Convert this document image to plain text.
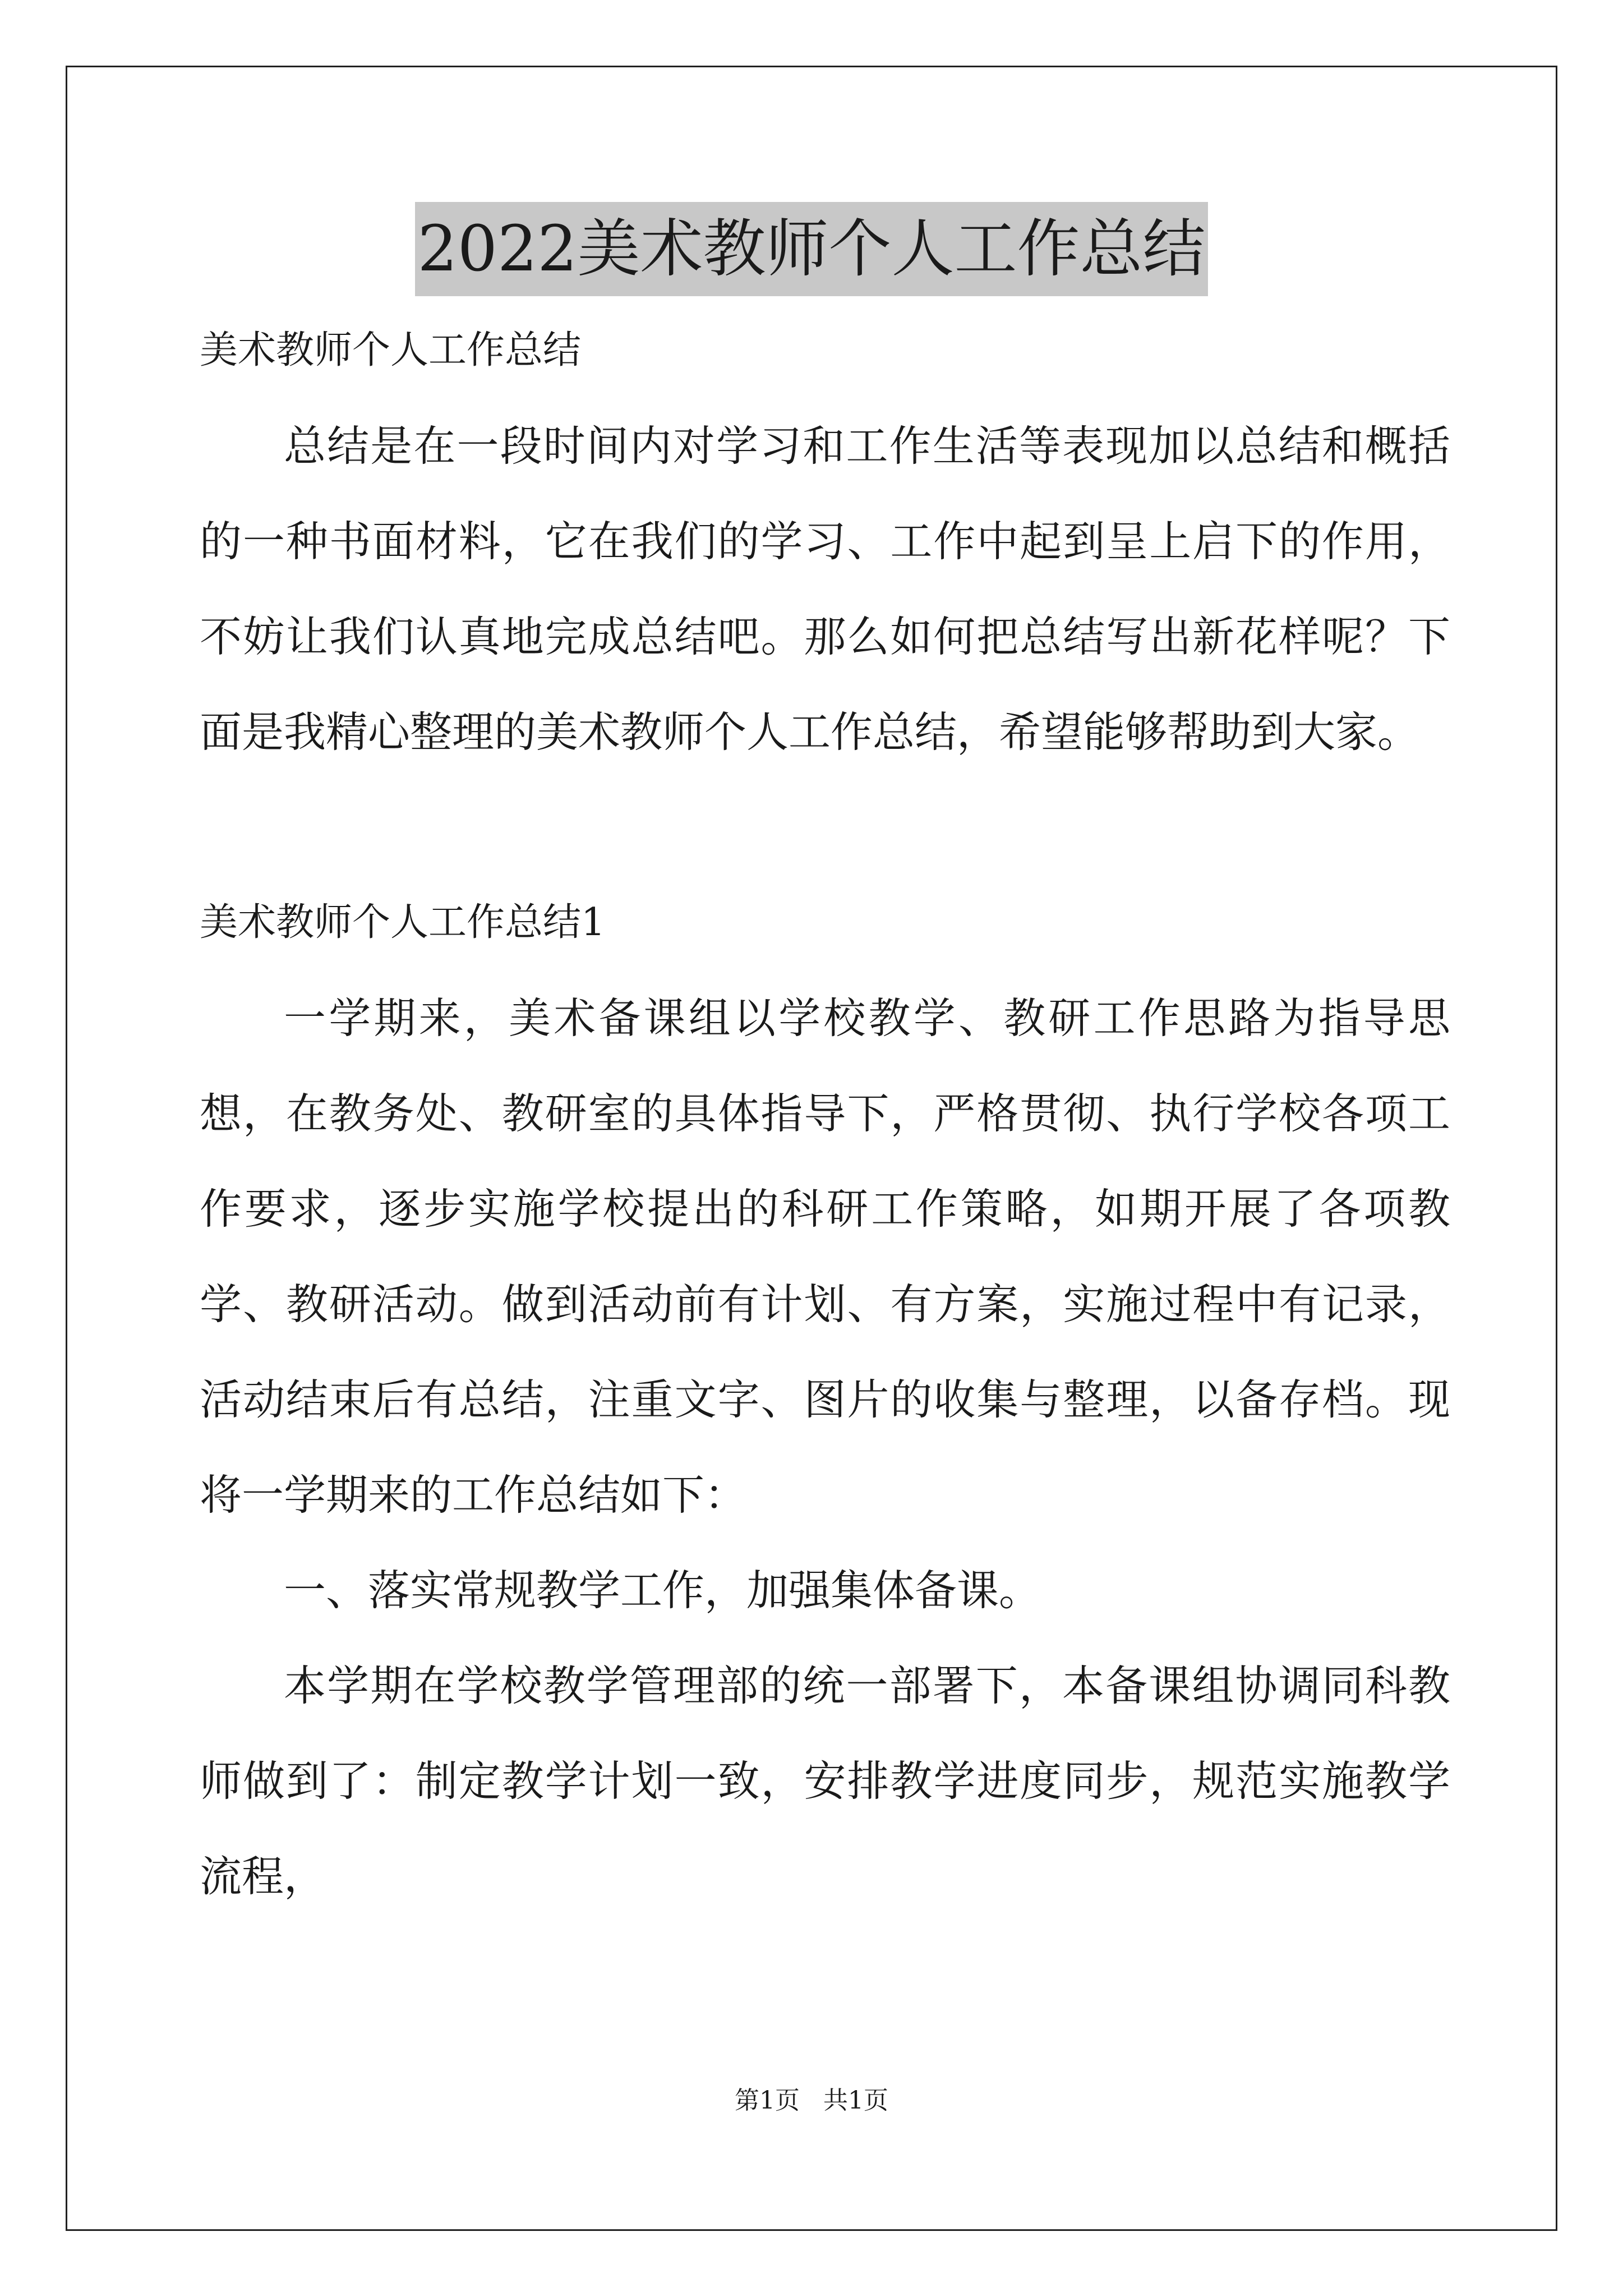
2022美术教师个人工作总结

美术教师个人工作总结

总结是在一段时间内对学习和工作生活等表现加以总结和概括的一种书面材料，它在我们的学习、工作中起到呈上启下的作用，不妨让我们认真地完成总结吧。那么如何把总结写出新花样呢？下面是我精心整理的美术教师个人工作总结，希望能够帮助到大家。

美术教师个人工作总结1

一学期来，美术备课组以学校教学、教研工作思路为指导思想，在教务处、教研室的具体指导下，严格贯彻、执行学校各项工作要求，逐步实施学校提出的科研工作策略，如期开展了各项教学、教研活动。做到活动前有计划、有方案，实施过程中有记录，活动结束后有总结，注重文字、图片的收集与整理，以备存档。现将一学期来的工作总结如下：

一、落实常规教学工作，加强集体备课。

本学期在学校教学管理部的统一部署下，本备课组协调同科教师做到了：制定教学计划一致，安排教学进度同步，规范实施教学流程，

第1页   共1页
